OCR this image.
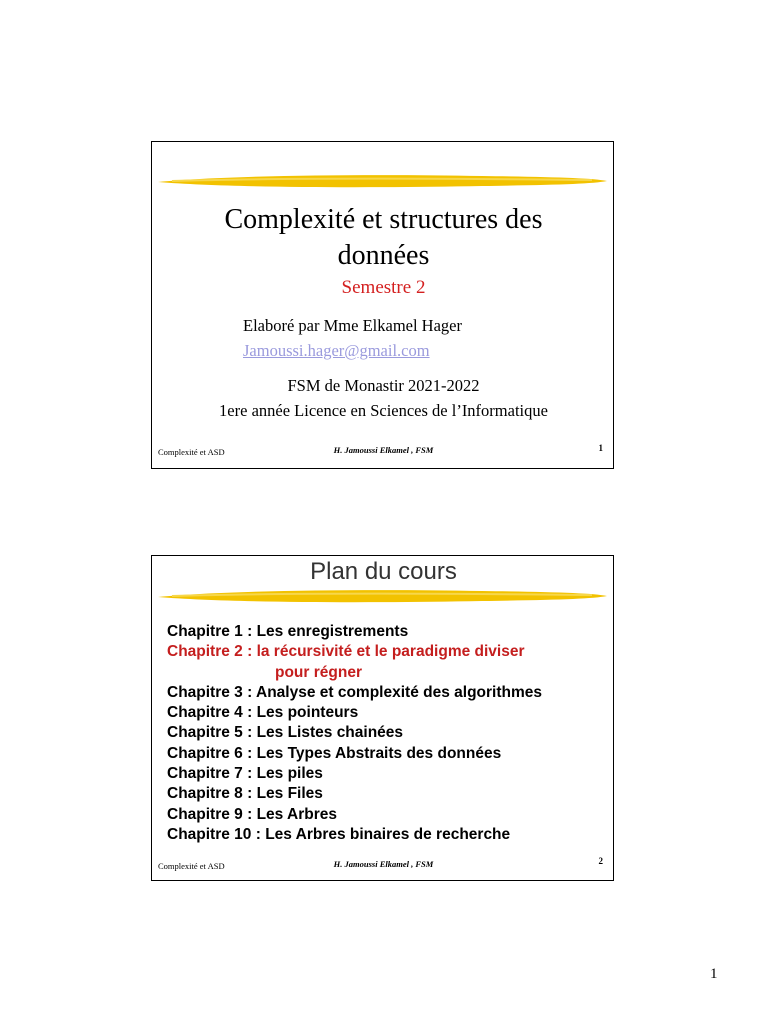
Complexité et structures des
données
Semestre 2
Elaboré par Mme Elkamel Hager
Jamoussi.hager@gmail.com
FSM de Monastir 2021-2022
1ere année Licence en Sciences de l’Informatique
Complexité et ASD	H. Jamoussi Elkamel , FSM	1
Plan du cours
Chapitre 1 : Les enregistrements
Chapitre 2 : la récursivité et le paradigme diviser
pour régner
Chapitre 3 : Analyse et complexité des algorithmes
Chapitre 4 : Les pointeurs
Chapitre 5 : Les Listes chainées
Chapitre 6 : Les Types Abstraits des données
Chapitre 7 : Les piles
Chapitre 8 : Les Files
Chapitre 9 : Les Arbres
Chapitre 10 : Les Arbres binaires de recherche
Complexité et ASD	H. Jamoussi Elkamel , FSM	2
1
